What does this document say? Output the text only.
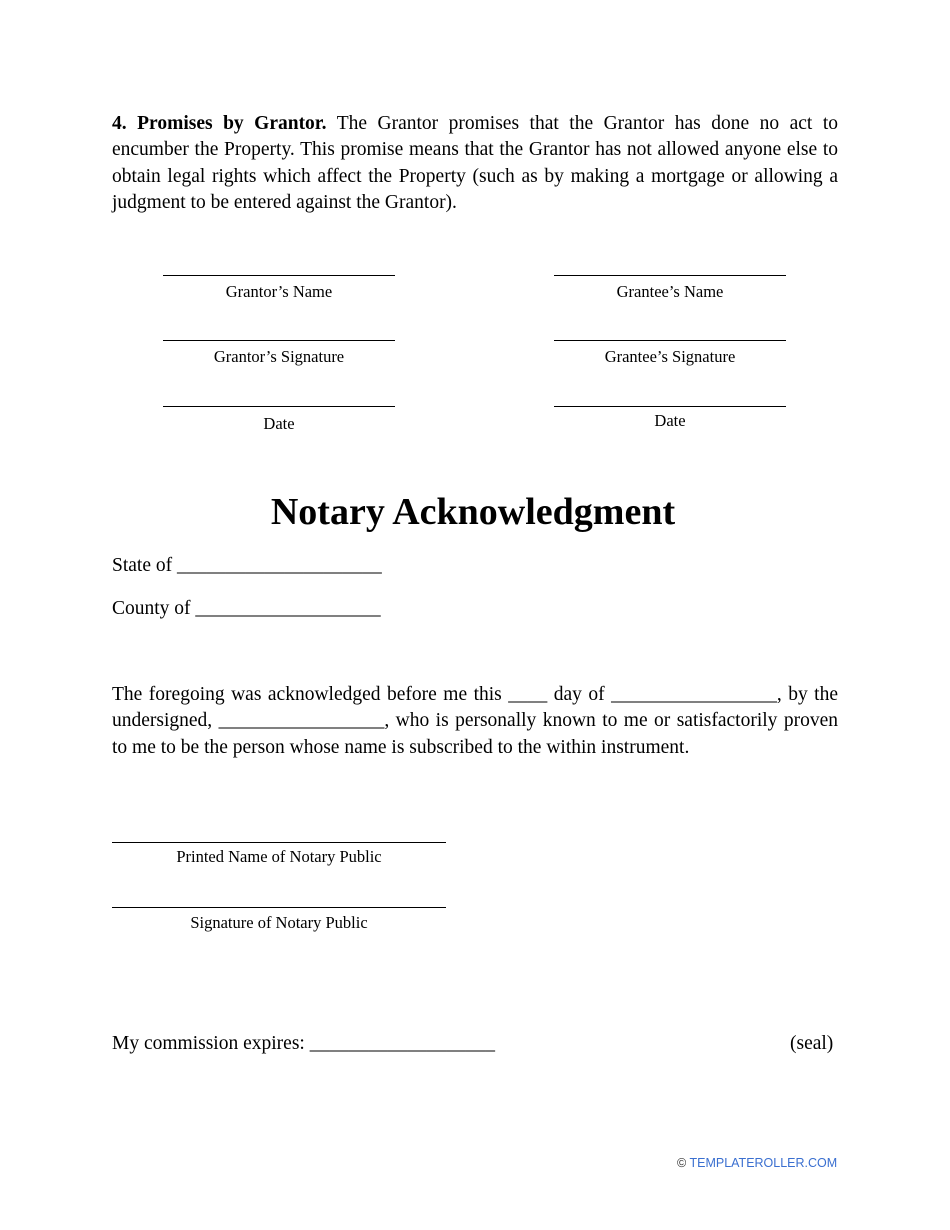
4. Promises by Grantor. The Grantor promises that the Grantor has done no act to encumber the Property. This promise means that the Grantor has not allowed anyone else to obtain legal rights which affect the Property (such as by making a mortgage or allowing a judgment to be entered against the Grantor).
Grantor’s Name
Grantor’s Signature
Date
Grantee’s Name
Grantee’s Signature
Date
Notary Acknowledgment
State of _____________________
County of ___________________
The foregoing was acknowledged before me this ____ day of _________________, by the undersigned, _________________, who is personally known to me or satisfactorily proven to me to be the person whose name is subscribed to the within instrument.
Printed Name of Notary Public
Signature of Notary Public
My commission expires: ___________________	(seal)
© TEMPLATEROLLER.COM
